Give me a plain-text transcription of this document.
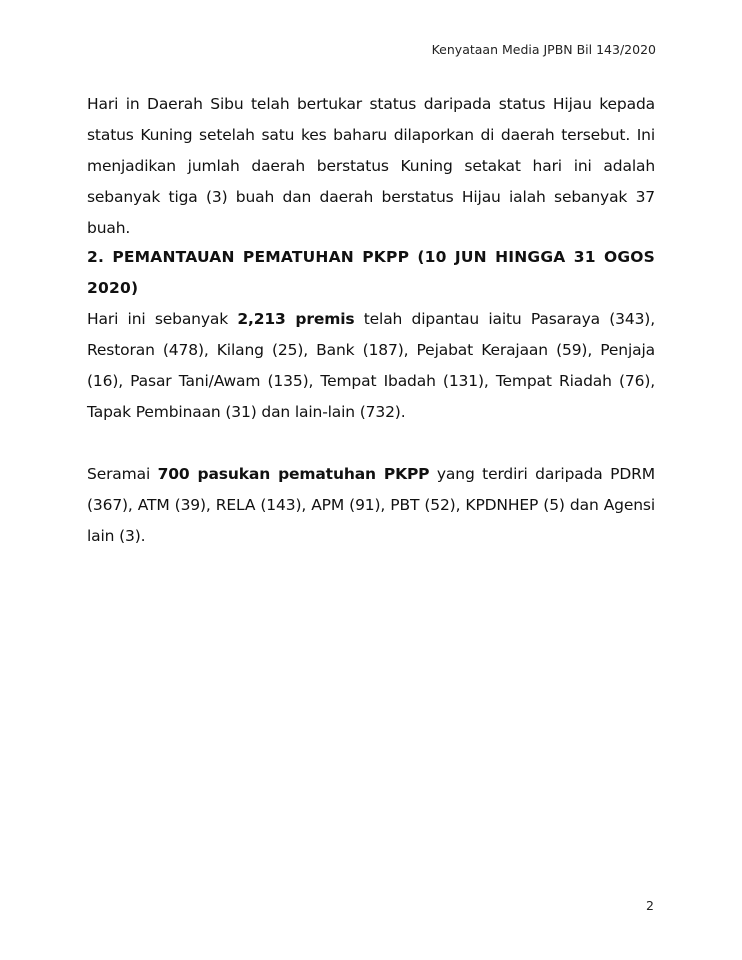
Kenyataan Media JPBN Bil 143/2020

Hari in Daerah Sibu telah bertukar status daripada status Hijau kepada status Kuning setelah satu kes baharu dilaporkan di daerah tersebut. Ini menjadikan jumlah daerah berstatus Kuning setakat hari ini adalah sebanyak tiga (3) buah dan daerah berstatus Hijau ialah sebanyak 37 buah.

2. PEMANTAUAN PEMATUHAN PKPP (10 JUN HINGGA 31 OGOS 2020)

Hari ini sebanyak 2,213 premis telah dipantau iaitu Pasaraya (343), Restoran (478), Kilang (25), Bank (187), Pejabat Kerajaan (59), Penjaja (16), Pasar Tani/Awam (135), Tempat Ibadah (131), Tempat Riadah (76), Tapak Pembinaan (31) dan lain-lain (732).

Seramai 700 pasukan pematuhan PKPP yang terdiri daripada PDRM (367), ATM (39), RELA (143), APM (91), PBT (52), KPDNHEP (5) dan Agensi lain (3).

2
